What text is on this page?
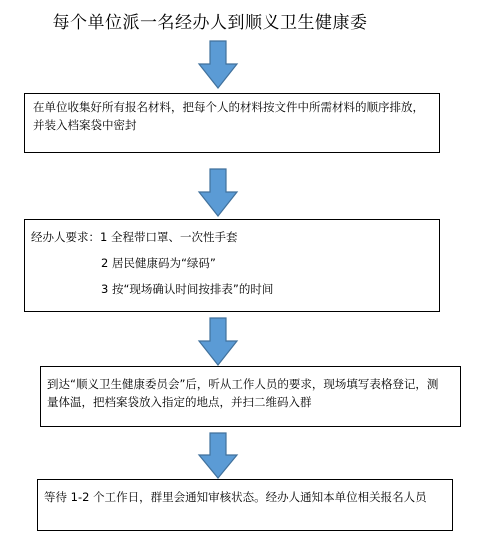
每个单位派一名经办人到顺义卫生健康委
在单位收集好所有报名材料，把每个人的材料按文件中所需材料的顺序排放，
并装入档案袋中密封
经办人要求：1 全程带口罩、一次性手套
2 居民健康码为“绿码”
3 按“现场确认时间按排表”的时间
到达“顺义卫生健康委员会”后，听从工作人员的要求，现场填写表格登记，测
量体温，把档案袋放入指定的地点，并扫二维码入群
等待 1-2 个工作日，群里会通知审核状态。经办人通知本单位相关报名人员
